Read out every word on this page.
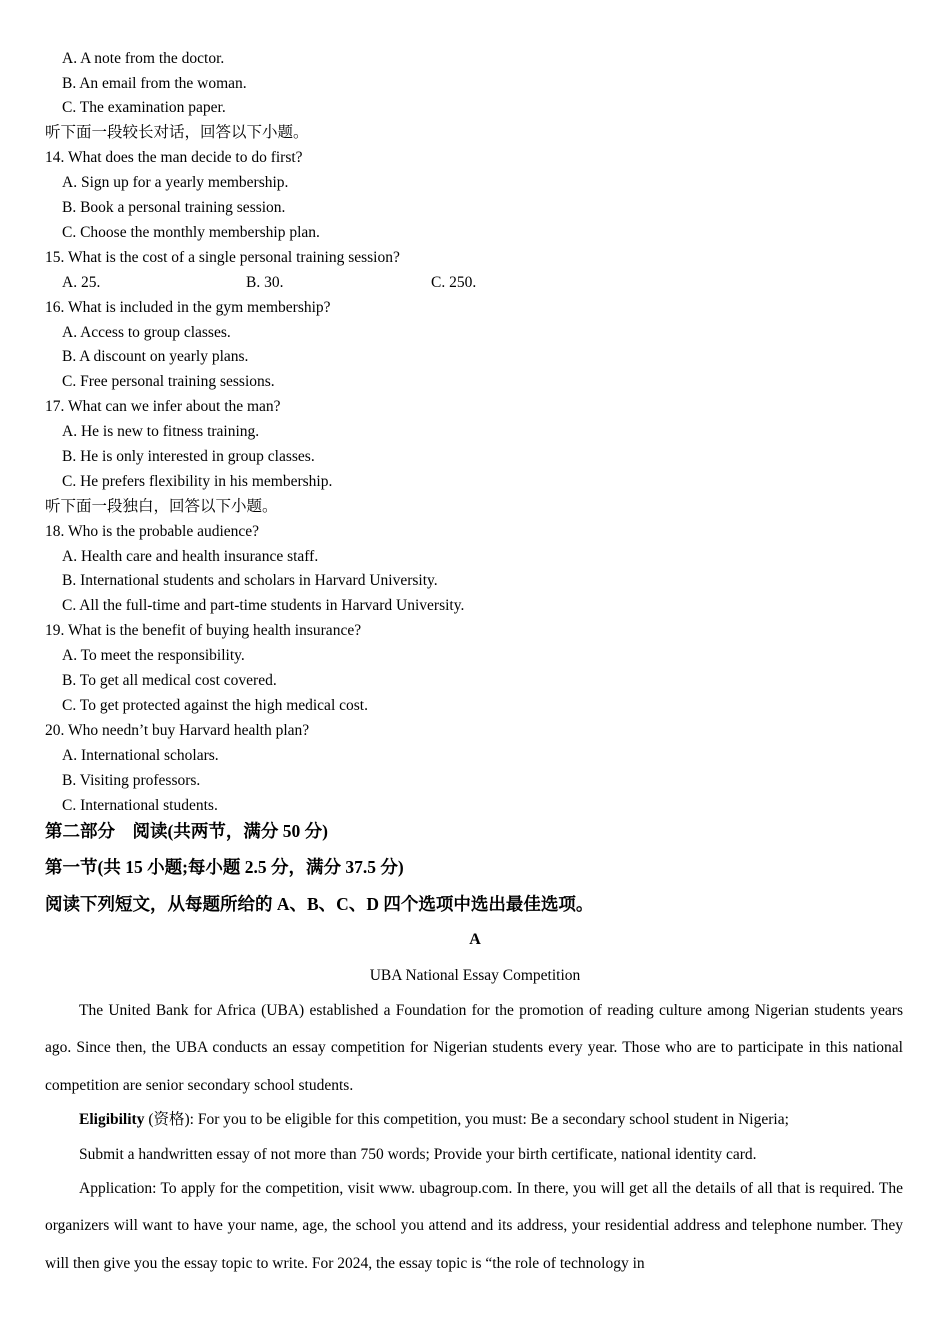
A. A note from the doctor.
B. An email from the woman.
C. The examination paper.
听下面一段较长对话，回答以下小题。
14. What does the man decide to do first?
A. Sign up for a yearly membership.
B. Book a personal training session.
C. Choose the monthly membership plan.
15. What is the cost of a single personal training session?
A. 25.	B. 30.	C. 250.
16. What is included in the gym membership?
A. Access to group classes.
B. A discount on yearly plans.
C. Free personal training sessions.
17. What can we infer about the man?
A. He is new to fitness training.
B. He is only interested in group classes.
C. He prefers flexibility in his membership.
听下面一段独白，回答以下小题。
18. Who is the probable audience?
A. Health care and health insurance staff.
B. International students and scholars in Harvard University.
C. All the full-time and part-time students in Harvard University.
19. What is the benefit of buying health insurance?
A. To meet the responsibility.
B. To get all medical cost covered.
C. To get protected against the high medical cost.
20. Who needn’t buy Harvard health plan?
A. International scholars.
B. Visiting professors.
C. International students.
第二部分　阅读(共两节，满分 50 分)
第一节(共 15 小题;每小题 2.5 分，满分 37.5 分)
阅读下列短文，从每题所给的 A、B、C、D 四个选项中选出最佳选项。
A
UBA National Essay Competition
The United Bank for Africa (UBA) established a Foundation for the promotion of reading culture among Nigerian students years ago. Since then, the UBA conducts an essay competition for Nigerian students every year. Those who are to participate in this national competition are senior secondary school students.
Eligibility (资格): For you to be eligible for this competition, you must: Be a secondary school student in Nigeria;
Submit a handwritten essay of not more than 750 words; Provide your birth certificate, national identity card.
Application: To apply for the competition, visit www. ubagroup.com. In there, you will get all the details of all that is required. The organizers will want to have your name, age, the school you attend and its address, your residential address and telephone number. They will then give you the essay topic to write. For 2024, the essay topic is “the role of technology in
